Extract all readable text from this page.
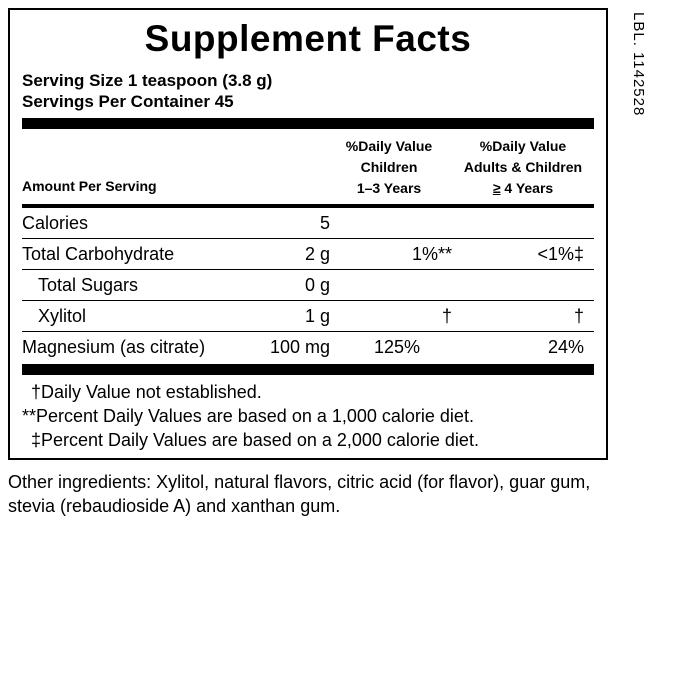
Supplement Facts
Serving Size 1 teaspoon (3.8 g)
Servings Per Container 45
%Daily Value
Children
1–3 Years
%Daily Value
Adults & Children
≥ 4 Years
Amount Per Serving
Calories	5
Total Carbohydrate	2 g	1%**	<1%‡
Total Sugars	0 g
Xylitol	1 g	†	†
Magnesium (as citrate)	100 mg	125%	24%
†Daily Value not established.
**Percent Daily Values are based on a 1,000 calorie diet.
‡Percent Daily Values are based on a 2,000 calorie diet.
Other ingredients: Xylitol, natural flavors, citric acid (for flavor), guar gum, stevia (rebaudioside A) and xanthan gum.
LBL. 1142528
